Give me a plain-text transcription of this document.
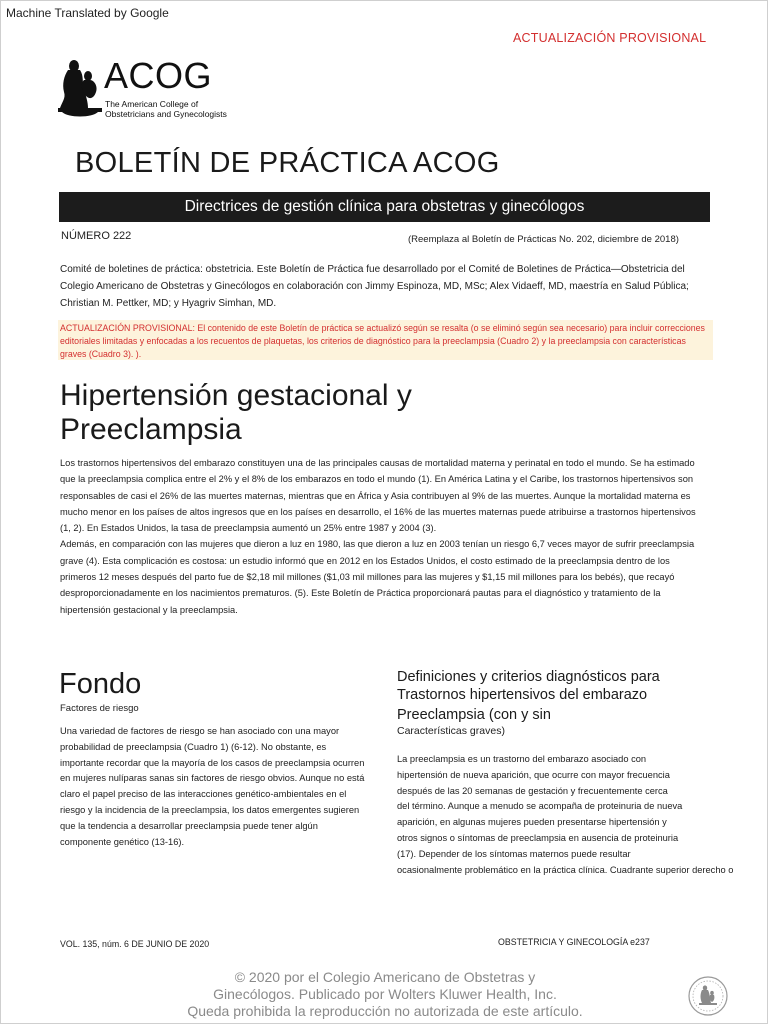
Machine Translated by Google
ACTUALIZACIÓN PROVISIONAL
ACOG
The American College of
Obstetricians and Gynecologists
BOLETÍN DE PRÁCTICA ACOG
Directrices de gestión clínica para obstetras y ginecólogos
NÚMERO 222	(Reemplaza al Boletín de Prácticas No. 202, diciembre de 2018)
Comité de boletines de práctica: obstetricia. Este Boletín de Práctica fue desarrollado por el Comité de Boletines de Práctica—Obstetricia del Colegio Americano de Obstetras y Ginecólogos en colaboración con Jimmy Espinoza, MD, MSc; Alex Vidaeff, MD, maestría en Salud Pública; Christian M. Pettker, MD; y Hyagriv Simhan, MD.
ACTUALIZACIÓN PROVISIONAL: El contenido de este Boletín de práctica se actualizó según se resalta (o se eliminó según sea necesario) para incluir correcciones editoriales limitadas y enfocadas a los recuentos de plaquetas, los criterios de diagnóstico para la preeclampsia (Cuadro 2) y la preeclampsia con características graves (Cuadro 3). ).
Hipertensión gestacional y
Preeclampsia

Los trastornos hipertensivos del embarazo constituyen una de las principales causas de mortalidad materna y perinatal en todo el mundo. Se ha estimado que la preeclampsia complica entre el 2% y el 8% de los embarazos en todo el mundo (1). En América Latina y el Caribe, los trastornos hipertensivos son responsables de casi el 26% de las muertes maternas, mientras que en África y Asia contribuyen al 9% de las muertes. Aunque la mortalidad materna es mucho menor en los países de altos ingresos que en los países en desarrollo, el 16% de las muertes maternas puede atribuirse a trastornos hipertensivos (1, 2). En Estados Unidos, la tasa de preeclampsia aumentó un 25% entre 1987 y 2004 (3).

Además, en comparación con las mujeres que dieron a luz en 1980, las que dieron a luz en 2003 tenían un riesgo 6,7 veces mayor de sufrir preeclampsia grave (4). Esta complicación es costosa: un estudio informó que en 2012 en los Estados Unidos, el costo estimado de la preeclampsia dentro de los primeros 12 meses después del parto fue de $2,18 mil millones ($1,03 mil millones para las mujeres y $1,15 mil millones para los bebés), que recayó desproporcionadamente en los nacimientos prematuros. (5). Este Boletín de Práctica proporcionará pautas para el diagnóstico y tratamiento de la hipertensión gestacional y la preeclampsia.

Fondo
Factores de riesgo
Una variedad de factores de riesgo se han asociado con una mayor probabilidad de preeclampsia (Cuadro 1) (6-12). No obstante, es importante recordar que la mayoría de los casos de preeclampsia ocurren en mujeres nulíparas sanas sin factores de riesgo obvios. Aunque no está claro el papel preciso de las interacciones genético-ambientales en el riesgo y la incidencia de la preeclampsia, los datos emergentes sugieren que la tendencia a desarrollar preeclampsia puede tener algún componente genético (13-16).
Definiciones y criterios diagnósticos para
Trastornos hipertensivos del embarazo
Preeclampsia (con y sin
Características graves)
La preeclampsia es un trastorno del embarazo asociado con
hipertensión de nueva aparición, que ocurre con mayor frecuencia
después de las 20 semanas de gestación y frecuentemente cerca
del término. Aunque a menudo se acompaña de proteinuria de nueva
aparición, en algunas mujeres pueden presentarse hipertensión y
otros signos o síntomas de preeclampsia en ausencia de proteinuria
(17). Depender de los síntomas maternos puede resultar
ocasionalmente problemático en la práctica clínica. Cuadrante superior derecho o
VOL. 135, núm. 6 DE JUNIO DE 2020	OBSTETRICIA Y GINECOLOGÍA e237
© 2020 por el Colegio Americano de Obstetras y
Ginecólogos. Publicado por Wolters Kluwer Health, Inc.
Queda prohibida la reproducción no autorizada de este artículo.
